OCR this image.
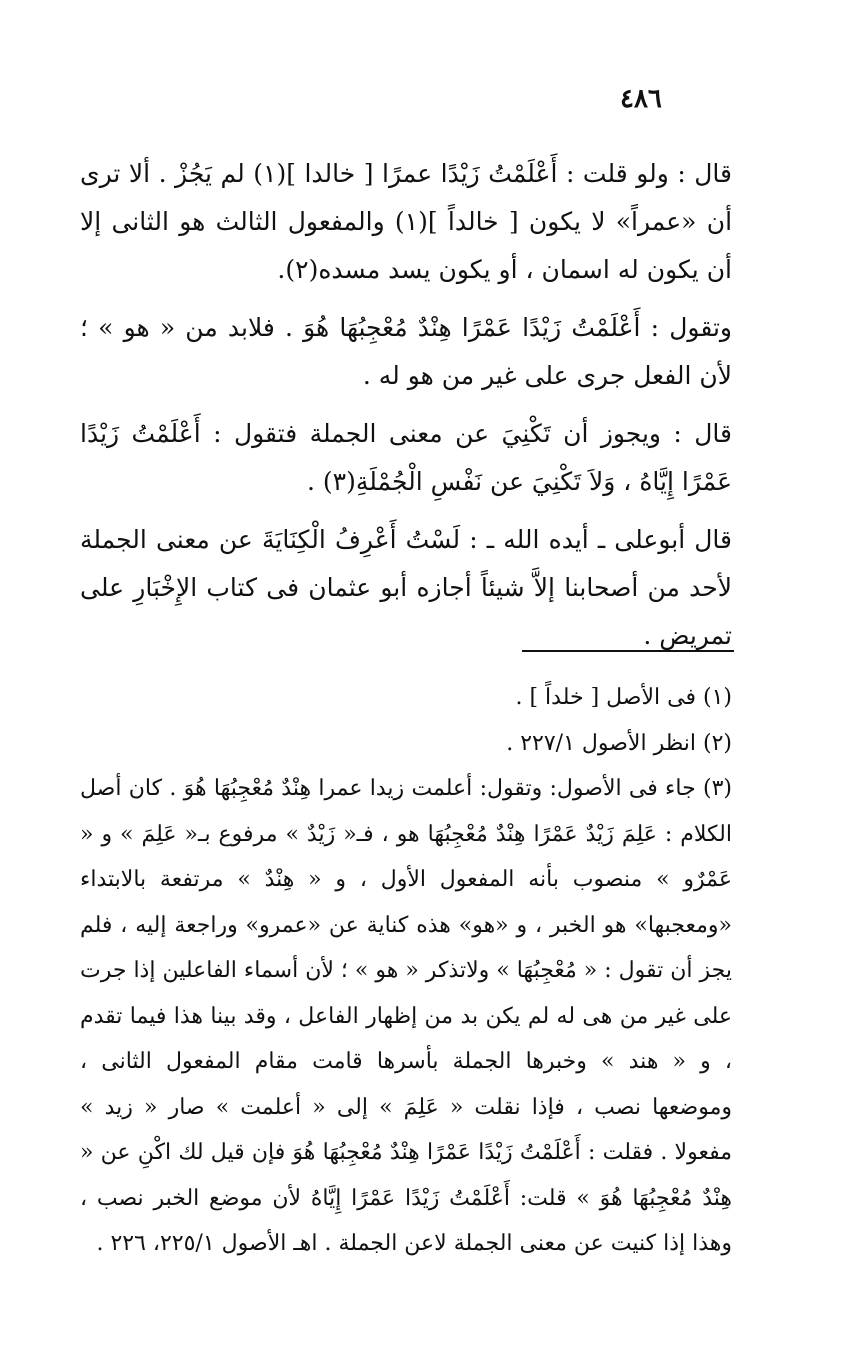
٤٨٦

قال : ولو قلت : أَعْلَمْتُ زَيْدًا عمرًا [ خالدا ](١) لم يَجُزْ . ألا ترى أن «عمراً» لا يكون [ خالداً ](١) والمفعول الثالث هو الثانى إلا أن يكون له اسمان ، أو يكون يسد مسده(٢).

وتقول : أَعْلَمْتُ زَيْدًا عَمْرًا هِنْدٌ مُعْجِبُهَا هُوَ . فلابد من « هو » ؛ لأن الفعل جرى على غير من هو له .

قال : ويجوز أن تَكْنِيَ عن معنى الجملة فتقول : أَعْلَمْتُ زَيْدًا عَمْرًا إِيَّاهُ ، وَلاَ تَكْنِيَ عن نَفْسِ الْجُمْلَةِ(٣) .

قال أبوعلى ـ أيده الله ـ : لَسْتُ أَعْرِفُ الْكِنَايَةَ عن معنى الجملة لأحد من أصحابنا إلاَّ شيئاً أجازه أبو عثمان فى كتاب الإِخْبَارِ على تمريض .

(١) فى الأصل [ خلداً ] .

(٢) انظر الأصول ٢٢٧/١ .

(٣) جاء فى الأصول: وتقول: أعلمت زيدا عمرا هِنْدٌ مُعْجِبُهَا هُوَ . كان أصل الكلام : عَلِمَ زَيْدٌ عَمْرًا هِنْدٌ مُعْجِبُهَا هو ، فـ« زَيْدٌ » مرفوع بـ« عَلِمَ » و « عَمْرٌو » منصوب بأنه المفعول الأول ، و « هِنْدٌ » مرتفعة بالابتداء «ومعجبها» هو الخبر ، و «هو» هذه كناية عن «عمرو» وراجعة إليه ، فلم يجز أن تقول : « مُعْجِبُهَا » ولاتذكر « هو » ؛ لأن أسماء الفاعلين إذا جرت على غير من هى له لم يكن بد من إظهار الفاعل ، وقد بينا هذا فيما تقدم ، و « هند » وخبرها الجملة بأسرها قامت مقام المفعول الثانى ، وموضعها نصب ، فإذا نقلت « عَلِمَ » إلى « أعلمت » صار « زيد » مفعولا . فقلت : أَعْلَمْتُ زَيْدًا عَمْرًا هِنْدٌ مُعْجِبُهَا هُوَ فإن قيل لك اكْنِ عن « هِنْدٌ مُعْجِبُهَا هُوَ » قلت: أَعْلَمْتُ زَيْدًا عَمْرًا إِيَّاهُ لأن موضع الخبر نصب ، وهذا إذا كنيت عن معنى الجملة لاعن الجملة . اهـ الأصول ٢٢٥/١، ٢٢٦ .
